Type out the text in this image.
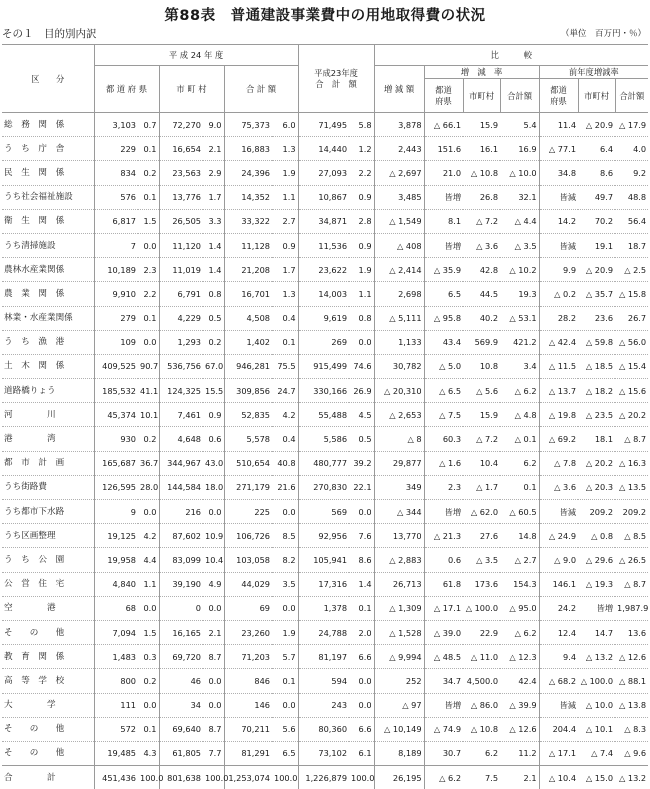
第88表　普通建設事業費中の用地取得費の状況
その１　目的別内訳	（単位　百万円・％）
区　　分	平 成 24 年 度						平成23年度
合　計　額		比　　　較						
	都 道 府 県		市 町 村		合 計 額				増 減 額	増　減　率			前年度増減率		

										都道
府県	市町村	合計額	都道
府県	市町村	合計額
総　務　関　係	3,103	0.7	72,270	9.0	75,373	6.0	71,495	5.8	3,878	△ 66.1	15.9	5.4	11.4	△ 20.9	△ 17.9
う　ち　庁　舎	229	0.1	16,654	2.1	16,883	1.3	14,440	1.2	2,443	151.6	16.1	16.9	△ 77.1	6.4	4.0
民　生　関　係	834	0.2	23,563	2.9	24,396	1.9	27,093	2.2	△ 2,697	21.0	△ 10.8	△ 10.0	34.8	8.6	9.2
うち社会福祉施設	576	0.1	13,776	1.7	14,352	1.1	10,867	0.9	3,485	皆増	26.8	32.1	皆減	49.7	48.8
衛　生　関　係	6,817	1.5	26,505	3.3	33,322	2.7	34,871	2.8	△ 1,549	8.1	△ 7.2	△ 4.4	14.2	70.2	56.4
うち清掃施設	7	0.0	11,120	1.4	11,128	0.9	11,536	0.9	△ 408	皆増	△ 3.6	△ 3.5	皆減	19.1	18.7
農林水産業関係	10,189	2.3	11,019	1.4	21,208	1.7	23,622	1.9	△ 2,414	△ 35.9	42.8	△ 10.2	9.9	△ 20.9	△ 2.5
農　業　関　係	9,910	2.2	6,791	0.8	16,701	1.3	14,003	1.1	2,698	6.5	44.5	19.3	△ 0.2	△ 35.7	△ 15.8
林業・水産業関係	279	0.1	4,229	0.5	4,508	0.4	9,619	0.8	△ 5,111	△ 95.8	40.2	△ 53.1	28.2	23.6	26.7
う　ち　漁　港	109	0.0	1,293	0.2	1,402	0.1	269	0.0	1,133	43.4	569.9	421.2	△ 42.4	△ 59.8	△ 56.0
土　木　関　係	409,525	90.7	536,756	67.0	946,281	75.5	915,499	74.6	30,782	△ 5.0	10.8	3.4	△ 11.5	△ 18.5	△ 15.4
道路橋りょう	185,532	41.1	124,325	15.5	309,856	24.7	330,166	26.9	△ 20,310	△ 6.5	△ 5.6	△ 6.2	△ 13.7	△ 18.2	△ 15.6
河　　　　川	45,374	10.1	7,461	0.9	52,835	4.2	55,488	4.5	△ 2,653	△ 7.5	15.9	△ 4.8	△ 19.8	△ 23.5	△ 20.2
港　　　　湾	930	0.2	4,648	0.6	5,578	0.4	5,586	0.5	△ 8	60.3	△ 7.2	△ 0.1	△ 69.2	18.1	△ 8.7
都　市　計　画	165,687	36.7	344,967	43.0	510,654	40.8	480,777	39.2	29,877	△ 1.6	10.4	6.2	△ 7.8	△ 20.2	△ 16.3
うち街路費	126,595	28.0	144,584	18.0	271,179	21.6	270,830	22.1	349	2.3	△ 1.7	0.1	△ 3.6	△ 20.3	△ 13.5
うち都市下水路	9	0.0	216	0.0	225	0.0	569	0.0	△ 344	皆増	△ 62.0	△ 60.5	皆減	209.2	209.2
うち区画整理	19,125	4.2	87,602	10.9	106,726	8.5	92,956	7.6	13,770	△ 21.3	27.6	14.8	△ 24.9	△ 0.8	△ 8.5
う　ち　公　園	19,958	4.4	83,099	10.4	103,058	8.2	105,941	8.6	△ 2,883	0.6	△ 3.5	△ 2.7	△ 9.0	△ 29.6	△ 26.5
公　営　住　宅	4,840	1.1	39,190	4.9	44,029	3.5	17,316	1.4	26,713	61.8	173.6	154.3	146.1	△ 19.3	△ 8.7
空　　　　港	68	0.0	0	0.0	69	0.0	1,378	0.1	△ 1,309	△ 17.1	△ 100.0	△ 95.0	24.2	皆増	1,987.9
そ　　の　　他	7,094	1.5	16,165	2.1	23,260	1.9	24,788	2.0	△ 1,528	△ 39.0	22.9	△ 6.2	12.4	14.7	13.6
教　育　関　係	1,483	0.3	69,720	8.7	71,203	5.7	81,197	6.6	△ 9,994	△ 48.5	△ 11.0	△ 12.3	9.4	△ 13.2	△ 12.6
高　等　学　校	800	0.2	46	0.0	846	0.1	594	0.0	252	34.7	4,500.0	42.4	△ 68.2	△ 100.0	△ 88.1
大　　　　学	111	0.0	34	0.0	146	0.0	243	0.0	△ 97	皆増	△ 86.0	△ 39.9	皆減	△ 10.0	△ 13.8
そ　　の　　他	572	0.1	69,640	8.7	70,211	5.6	80,360	6.6	△ 10,149	△ 74.9	△ 10.8	△ 12.6	204.4	△ 10.1	△ 8.3
そ　　の　　他	19,485	4.3	61,805	7.7	81,291	6.5	73,102	6.1	8,189	30.7	6.2	11.2	△ 17.1	△ 7.4	△ 9.6
合　　　　計	451,436	100.0	801,638	100.0	1,253,074	100.0	1,226,879	100.0	26,195	△ 6.2	7.5	2.1	△ 10.4	△ 15.0	△ 13.2
